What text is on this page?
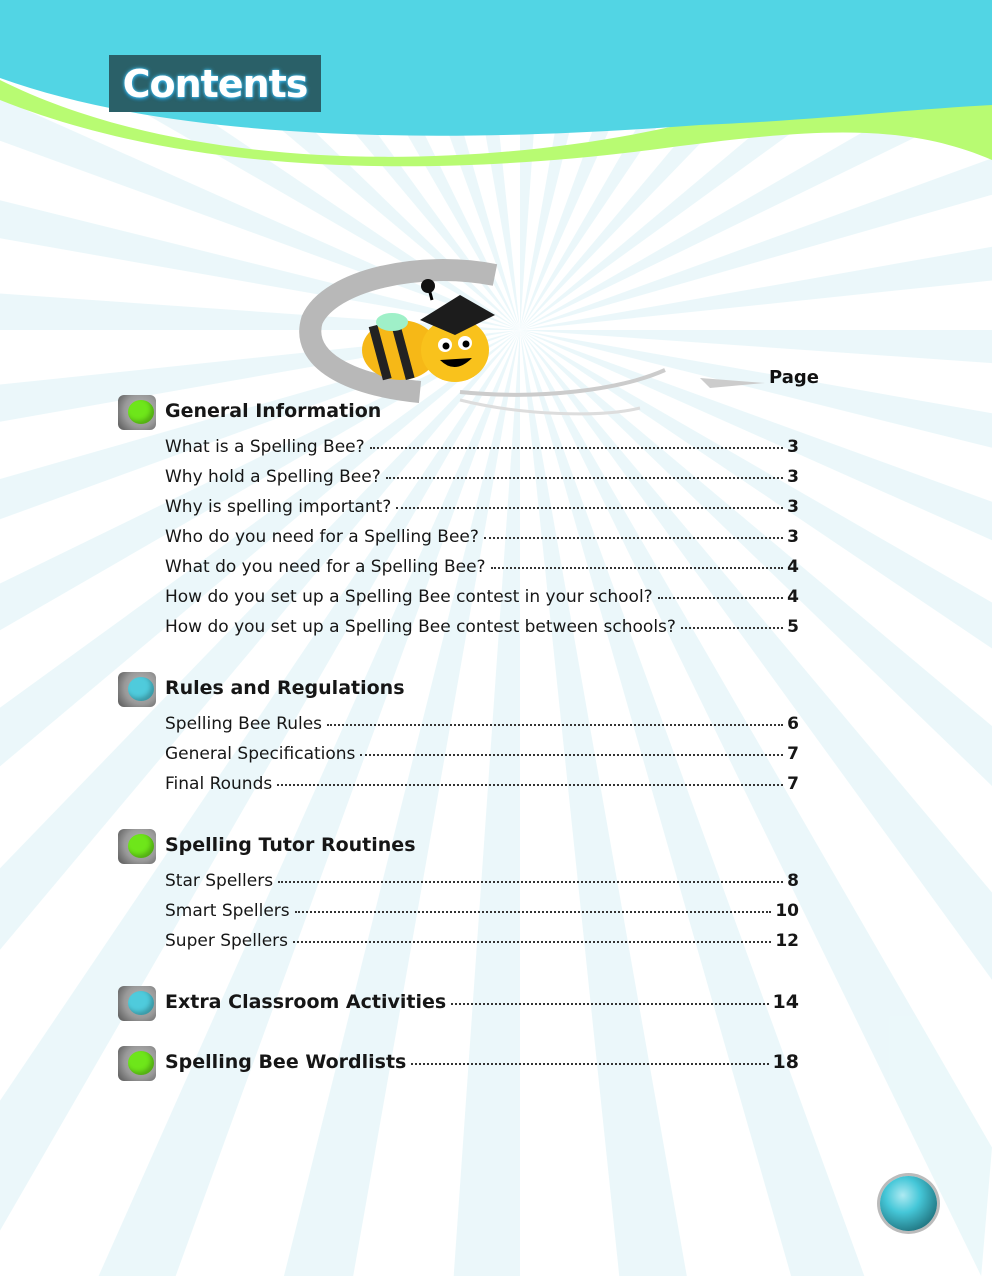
Contents
Page
General Information
What is a Spelling Bee?	3
Why hold a Spelling Bee?	3
Why is spelling important?	3
Who do you need for a Spelling Bee?	3
What do you need for a Spelling Bee?	4
How do you set up a Spelling Bee contest in your school?	4
How do you set up a Spelling Bee contest between schools?	5
Rules and Regulations
Spelling Bee Rules	6
General Specifications	7
Final Rounds	7
Spelling Tutor Routines
Star Spellers	8
Smart Spellers	10
Super Spellers	12
Extra Classroom Activities	14
Spelling Bee Wordlists	18
